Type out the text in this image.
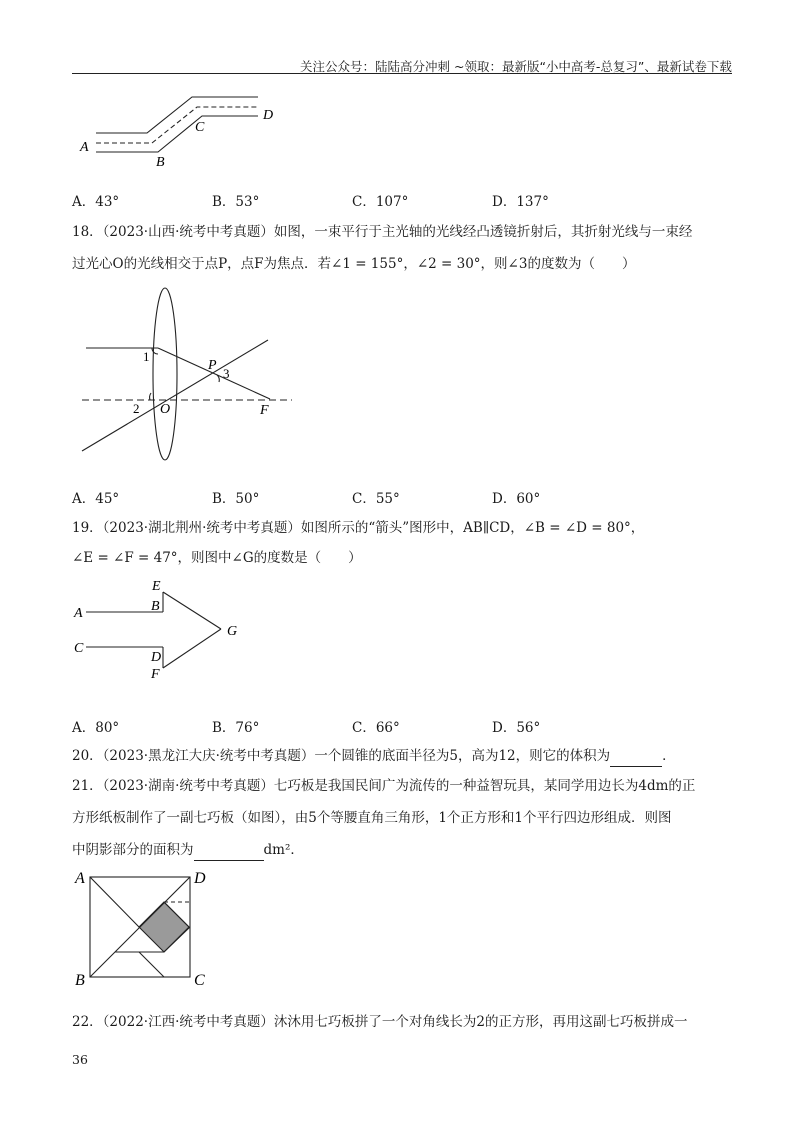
关注公众号：陆陆高分冲刺 ~领取：最新版“小中高考-总复习”、最新试卷下载
A
B
C
D
A．43°	B．53°	C．107°	D．137°
18．（2023·山西·统考中考真题）如图，一束平行于主光轴的光线经凸透镜折射后，其折射光线与一束经
过光心O的光线相交于点P，点F为焦点．若∠1 = 155°，∠2 = 30°，则∠3的度数为（　　）
1
2
3
P
O	F
A．45°	B．50°	C．55°	D．60°
19．（2023·湖北荆州·统考中考真题）如图所示的“箭头”图形中，AB∥CD，∠B = ∠D = 80°，
∠E = ∠F = 47°，则图中∠G的度数是（　　）
A	B
C
D
E
F
G
A．80°	B．76°	C．66°	D．56°
20．（2023·黑龙江大庆·统考中考真题）一个圆锥的底面半径为5，高为12，则它的体积为	．
21．（2023·湖南·统考中考真题）七巧板是我国民间广为流传的一种益智玩具，某同学用边长为4dm的正
方形纸板制作了一副七巧板（如图），由5个等腰直角三角形，1个正方形和1个平行四边形组成．则图
中阴影部分的面积为	dm²．
A	D
B	C
22．（2022·江西·统考中考真题）沐沐用七巧板拼了一个对角线长为2的正方形，再用这副七巧板拼成一
36
